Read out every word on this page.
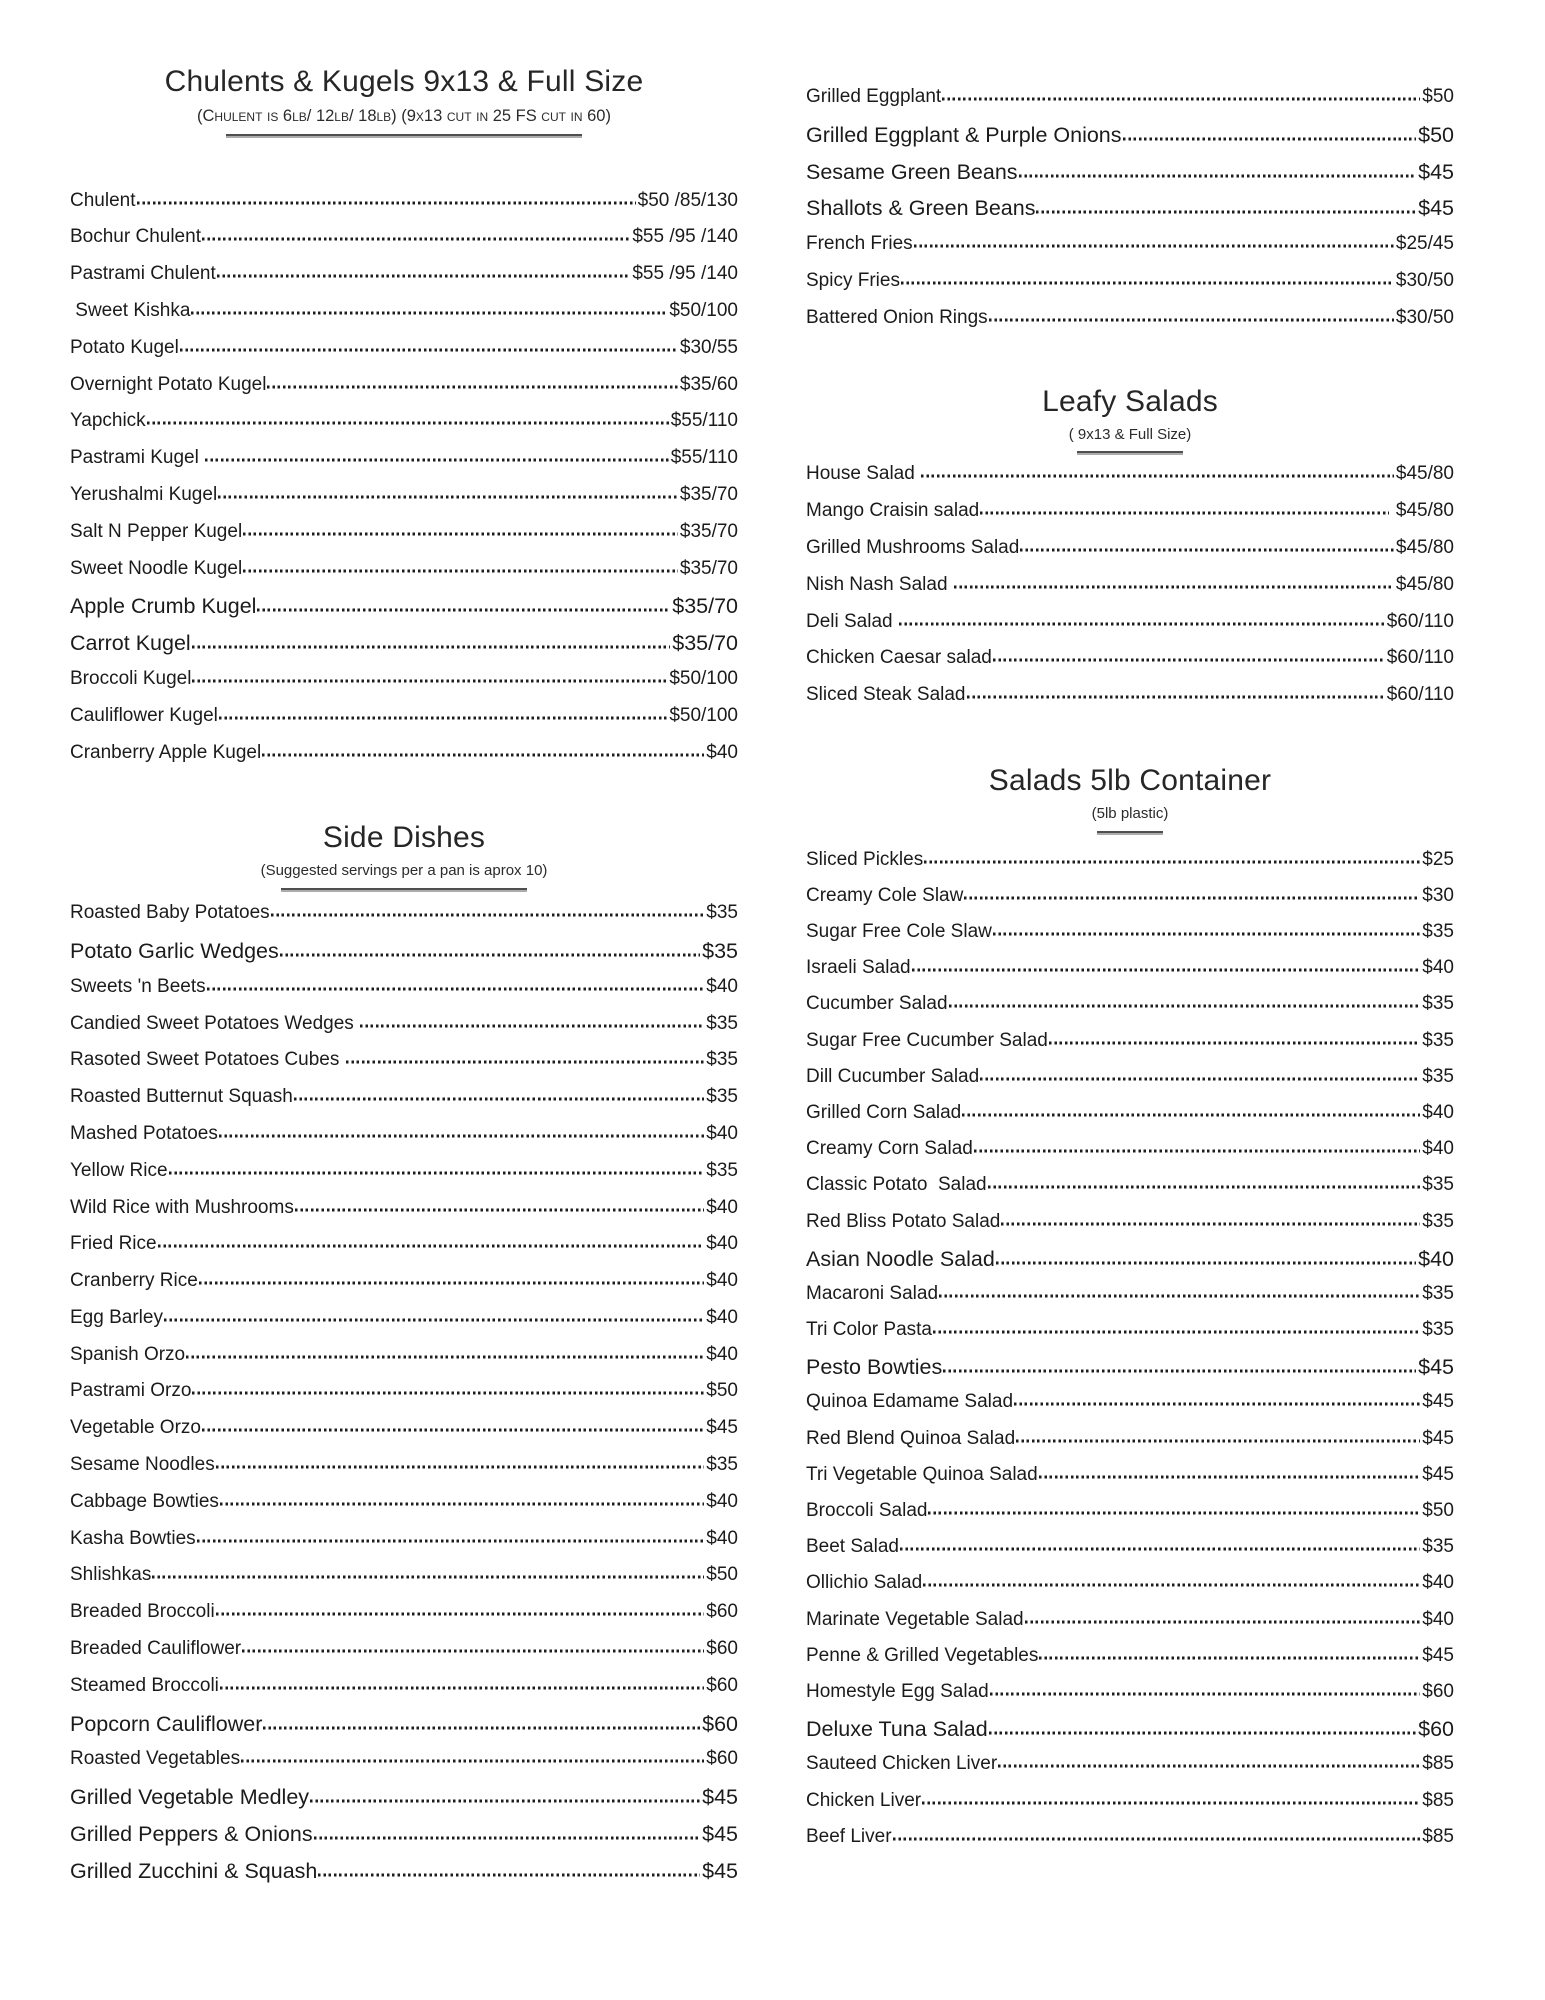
Chulents & Kugels 9x13 & Full Size
(Chulent is 6lb/ 12lb/ 18lb) (9x13 cut in 25 FS cut in 60)
Chulent	$50 /85/130
Bochur Chulent	$55 /95 /140
Pastrami Chulent	$55 /95 /140
Sweet Kishka	$50/100
Potato Kugel	$30/55
Overnight Potato Kugel	$35/60
Yapchick	$55/110
Pastrami Kugel	$55/110
Yerushalmi Kugel	$35/70
Salt N Pepper Kugel	$35/70
Sweet Noodle Kugel	$35/70
Apple Crumb Kugel	$35/70
Carrot Kugel	$35/70
Broccoli Kugel	$50/100
Cauliflower Kugel	$50/100
Cranberry Apple Kugel	$40
Side Dishes
(Suggested servings per a pan is aprox 10)
Roasted Baby Potatoes	$35
Potato Garlic Wedges	$35
Sweets 'n Beets	$40
Candied Sweet Potatoes Wedges	$35
Rasoted Sweet Potatoes Cubes	$35
Roasted Butternut Squash	$35
Mashed Potatoes	$40
Yellow Rice	$35
Wild Rice with Mushrooms	$40
Fried Rice	$40
Cranberry Rice	$40
Egg Barley	$40
Spanish Orzo	$40
Pastrami Orzo	$50
Vegetable Orzo	$45
Sesame Noodles	$35
Cabbage Bowties	$40
Kasha Bowties	$40
Shlishkas	$50
Breaded Broccoli	$60
Breaded Cauliflower	$60
Steamed Broccoli	$60
Popcorn Cauliflower	$60
Roasted Vegetables	$60
Grilled Vegetable Medley	$45
Grilled Peppers & Onions	$45
Grilled Zucchini & Squash	$45
Grilled Eggplant	$50
Grilled Eggplant & Purple Onions	$50
Sesame Green Beans	$45
Shallots & Green Beans	$45
French Fries	$25/45
Spicy Fries	$30/50
Battered Onion Rings	$30/50
Leafy Salads
( 9x13 & Full Size)
House Salad	$45/80
Mango Craisin salad	$45/80
Grilled Mushrooms Salad	$45/80
Nish Nash Salad	$45/80
Deli Salad	$60/110
Chicken Caesar salad	$60/110
Sliced Steak Salad	$60/110
Salads 5lb Container
(5lb plastic)
Sliced Pickles	$25
Creamy Cole Slaw	$30
Sugar Free Cole Slaw	$35
Israeli Salad	$40
Cucumber Salad	$35
Sugar Free Cucumber Salad	$35
Dill Cucumber Salad	$35
Grilled Corn Salad	$40
Creamy Corn Salad	$40
Classic Potato  Salad	$35
Red Bliss Potato Salad	$35
Asian Noodle Salad	$40
Macaroni Salad	$35
Tri Color Pasta	$35
Pesto Bowties	$45
Quinoa Edamame Salad	$45
Red Blend Quinoa Salad	$45
Tri Vegetable Quinoa Salad	$45
Broccoli Salad	$50
Beet Salad	$35
Ollichio Salad	$40
Marinate Vegetable Salad	$40
Penne & Grilled Vegetables	$45
Homestyle Egg Salad	$60
Deluxe Tuna Salad	$60
Sauteed Chicken Liver	$85
Chicken Liver	$85
Beef Liver	$85
